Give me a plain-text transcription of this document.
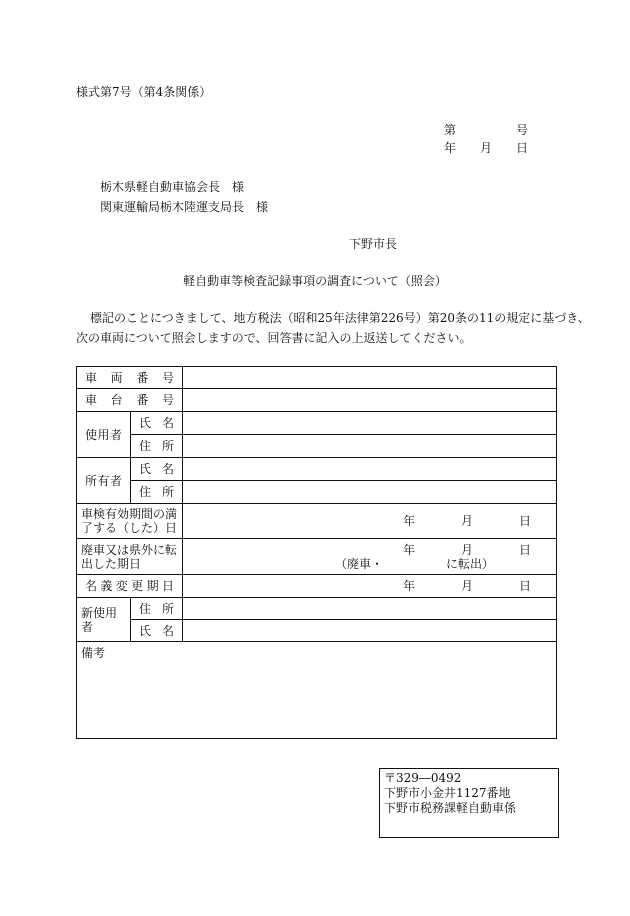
様式第7号（第4条関係）
第	号
年 月 日
栃木県軽自動車協会長　様
関東運輸局栃木陸運支局長　様
下野市長
軽自動車等検査記録事項の調査について（照会）
標記のことにつきまして、地方税法（昭和25年法律第226号）第20条の11の規定に基づき、
次の車両について照会しますので、回答書に記入の上返送してください。
車両番号		
車台番号		
使用者	氏名	
	住所	
所有者	氏名	
	住所	
車検有効期間の満了する（した）日		年 月 日

廃車又は県外に転出した期日		年 月 日
（廃車・ に転出）

名義変更期日		年 月 日

新使用者	住所	
	氏名	
備考		
〒329―0492
下野市小金井1127番地
下野市税務課軽自動車係
